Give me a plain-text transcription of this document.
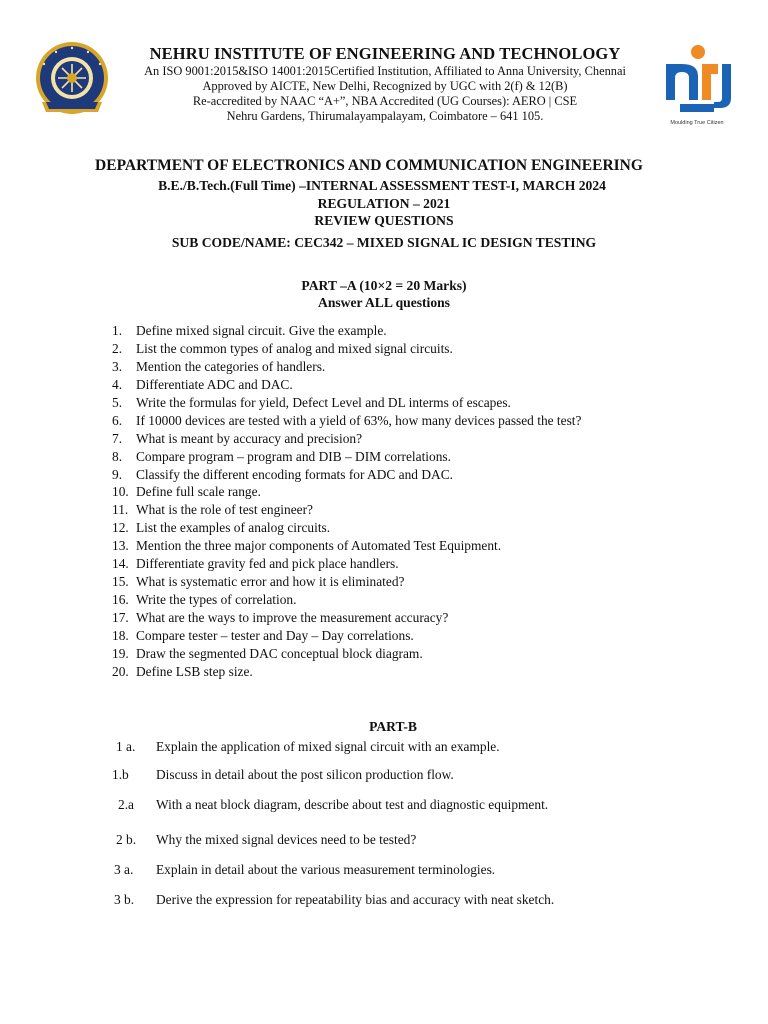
NEHRU INSTITUTE OF ENGINEERING AND TECHNOLOGY
An ISO 9001:2015&ISO 14001:2015Certified Institution, Affiliated to Anna University, Chennai
Approved by AICTE, New Delhi, Recognized by UGC with 2(f) & 12(B)
Re-accredited by NAAC “A+”, NBA Accredited (UG Courses): AERO | CSE
Nehru Gardens, Thirumalayampalayam, Coimbatore – 641 105.	Moulding True Citizen
DEPARTMENT OF ELECTRONICS AND COMMUNICATION ENGINEERING
B.E./B.Tech.(Full Time) –INTERNAL ASSESSMENT TEST-I, MARCH 2024
REGULATION – 2021
REVIEW QUESTIONS
SUB CODE/NAME: CEC342 – MIXED SIGNAL IC DESIGN TESTING
PART –A (10×2 = 20 Marks)
Answer ALL questions
1.	Define mixed signal circuit. Give the example.
2.	List the common types of analog and mixed signal circuits.
3.	Mention the categories of handlers.
4.	Differentiate ADC and DAC.
5.	Write the formulas for yield, Defect Level and DL interms of escapes.
6.	If 10000 devices are tested with a yield of 63%, how many devices passed the test?
7.	What is meant by accuracy and precision?
8.	Compare program – program and DIB – DIM correlations.
9.	Classify the different encoding formats for ADC and DAC.
10. Define full scale range.
11. What is the role of test engineer?
12. List the examples of analog circuits.
13. Mention the three major components of Automated Test Equipment.
14. Differentiate gravity fed and pick place handlers.
15. What is systematic error and how it is eliminated?
16. Write the types of correlation.
17. What are the ways to improve the measurement accuracy?
18. Compare tester – tester and Day – Day correlations.
19. Draw the segmented DAC conceptual block diagram.
20. Define LSB step size.
PART-B
1 a. Explain the application of mixed signal circuit with an example.
1.b Discuss in detail about the post silicon production flow.
2.a With a neat block diagram, describe about test and diagnostic equipment.
2 b. Why the mixed signal devices need to be tested?
3 a. Explain in detail about the various measurement terminologies.
3 b. Derive the expression for repeatability bias and accuracy with neat sketch.
